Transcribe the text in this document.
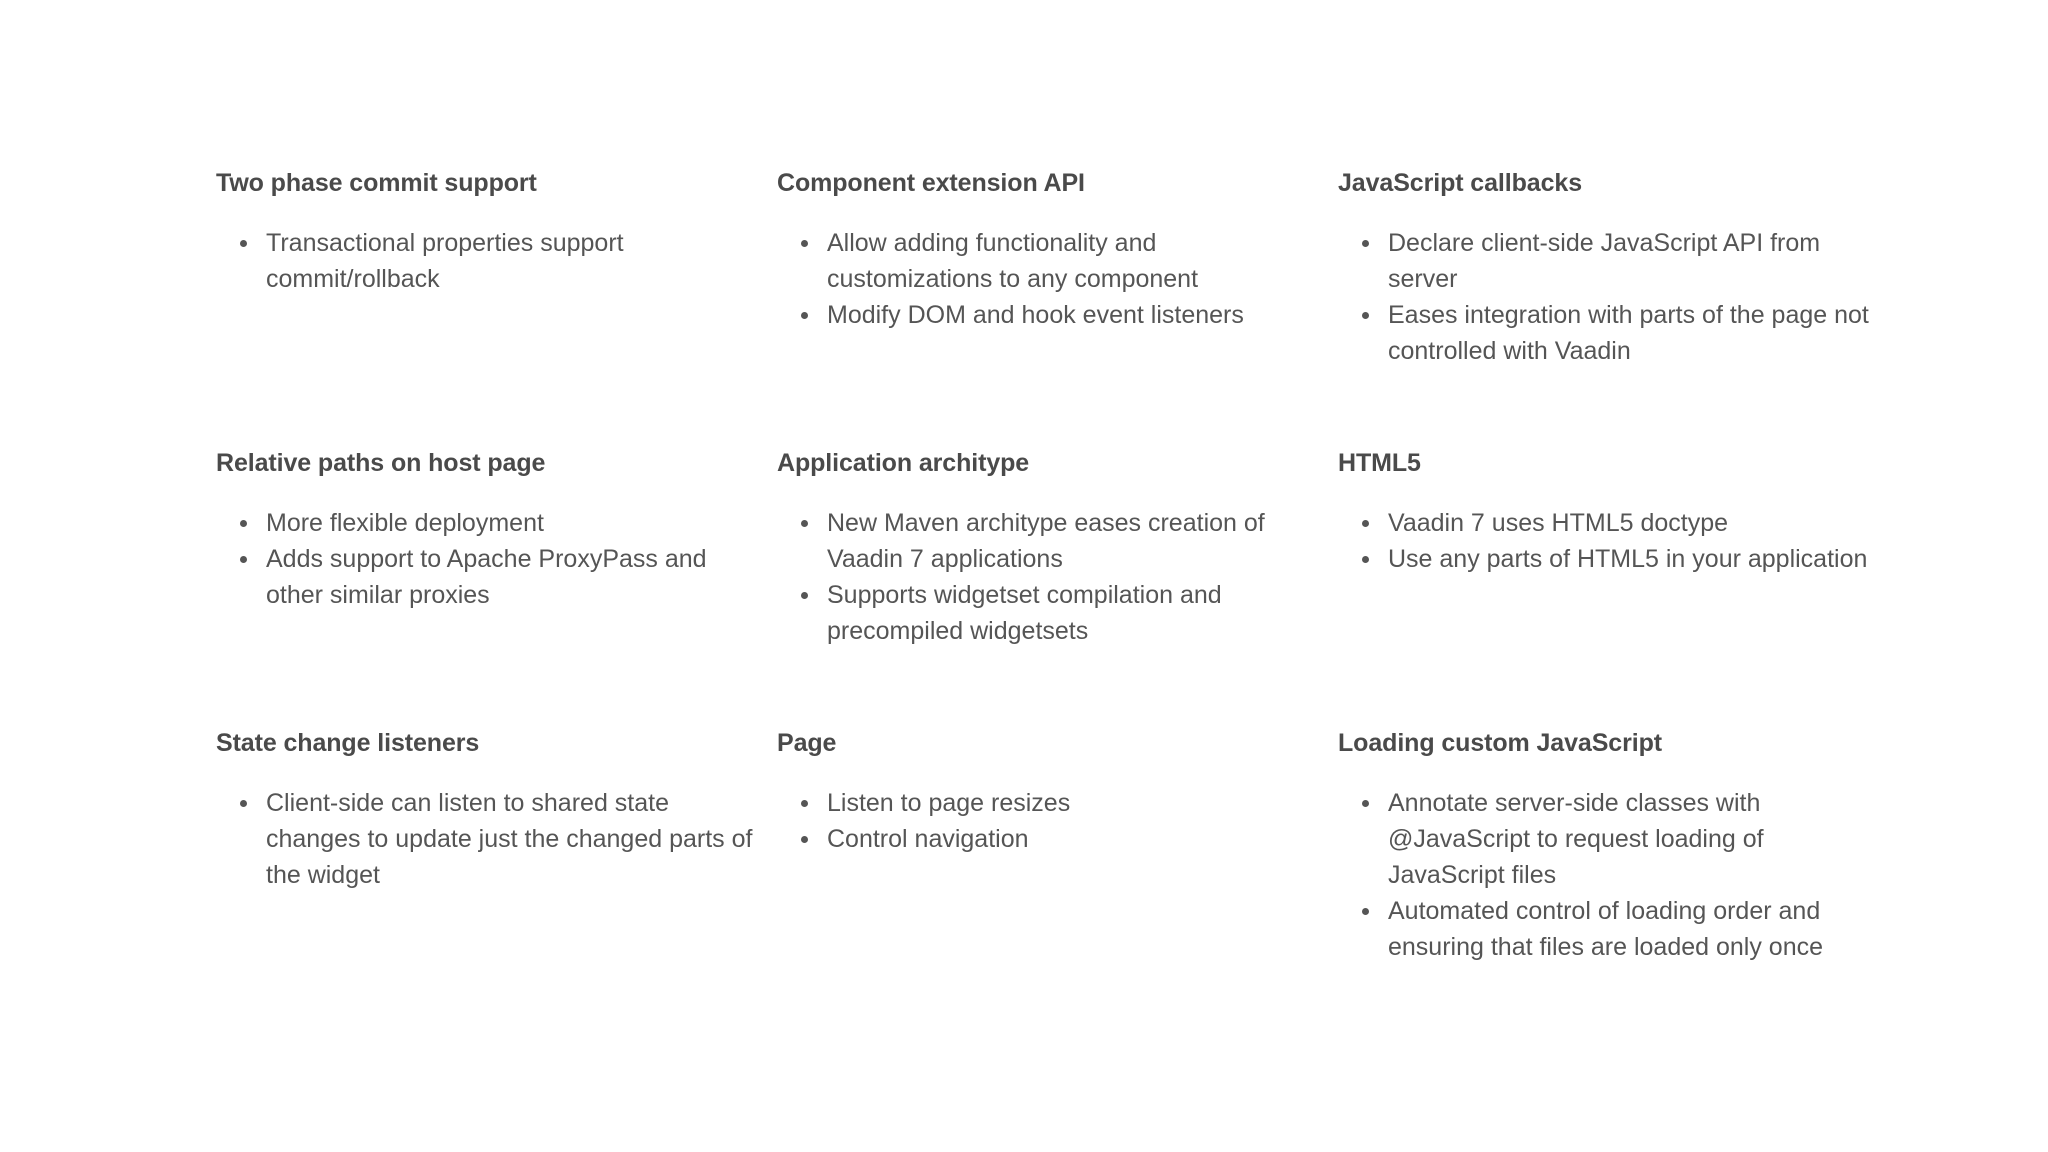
Two phase commit support
Transactional properties support commit/rollback
Component extension API
Allow adding functionality and customizations to any component
Modify DOM and hook event listeners
JavaScript callbacks
Declare client-side JavaScript API from server
Eases integration with parts of the page not controlled with Vaadin
Relative paths on host page
More flexible deployment
Adds support to Apache ProxyPass and other similar proxies
Application architype
New Maven architype eases creation of Vaadin 7 applications
Supports widgetset compilation and precompiled widgetsets
HTML5
Vaadin 7 uses HTML5 doctype
Use any parts of HTML5 in your application
State change listeners
Client-side can listen to shared state changes to update just the changed parts of the widget
Page
Listen to page resizes
Control navigation
Loading custom JavaScript
Annotate server-side classes with @JavaScript to request loading of JavaScript files
Automated control of loading order and ensuring that files are loaded only once
